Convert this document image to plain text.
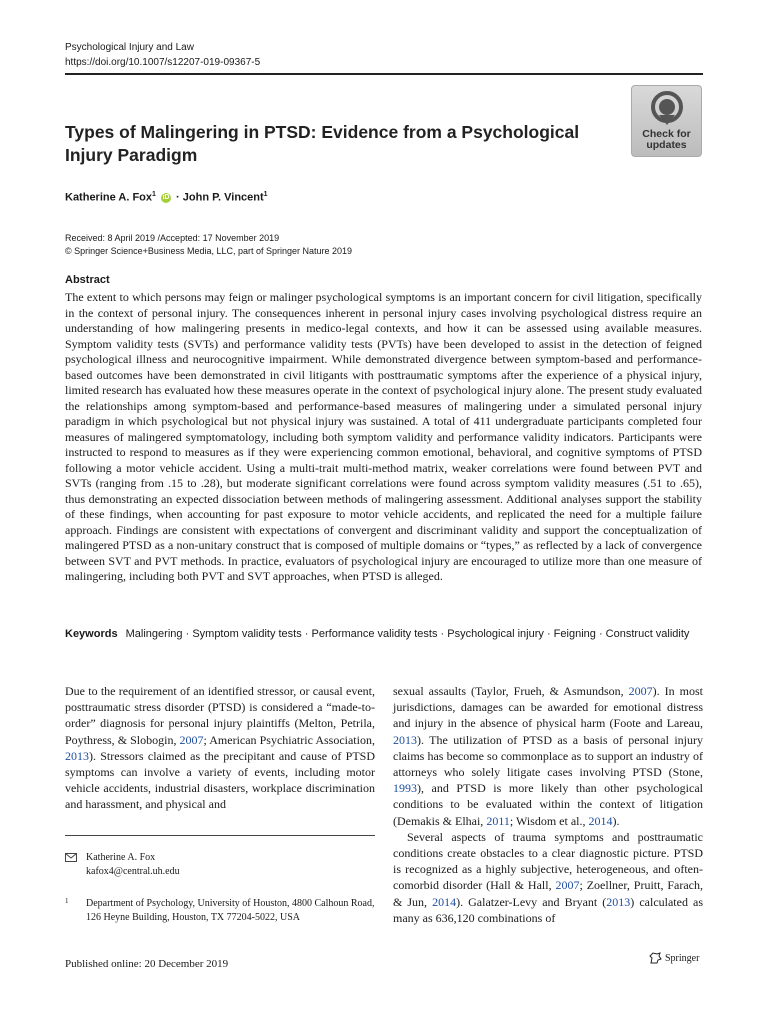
Psychological Injury and Law
https://doi.org/10.1007/s12207-019-09367-5
Types of Malingering in PTSD: Evidence from a Psychological Injury Paradigm
Check for updates
Katherine A. Fox$^1$ iD · John P. Vincent$^1$
Received: 8 April 2019 /Accepted: 17 November 2019
© Springer Science+Business Media, LLC, part of Springer Nature 2019
Abstract
The extent to which persons may feign or malinger psychological symptoms is an important concern for civil litigation, specifically in the context of personal injury. The consequences inherent in personal injury cases involving psychological distress require an understanding of how malingering presents in medico-legal contexts, and how it can be assessed using available measures. Symptom validity tests (SVTs) and performance validity tests (PVTs) have been developed to assist in the detection of feigned psychological illness and neurocognitive impairment. While demonstrated divergence between symptom-based and performance-based outcomes have been demonstrated in civil litigants with posttraumatic symptoms after the experience of a physical injury, limited research has evaluated how these measures operate in the context of psychological injury alone. The present study evaluated the relationships among symptom-based and performance-based measures of malingering under a simulated personal injury paradigm in which psychological but not physical injury was sustained. A total of 411 undergraduate participants completed four measures of malingered symptomatology, including both symptom validity and performance validity indicators. Participants were instructed to respond to measures as if they were experiencing common emotional, behavioral, and cognitive symptoms of PTSD following a motor vehicle accident. Using a multi-trait multi-method matrix, weaker correlations were found between PVT and SVTs (ranging from .15 to .28), but moderate significant correlations were found across symptom validity measures (.51 to .65), thus demonstrating an expected dissociation between methods of malingering assessment. Additional analyses support the stability of these findings, when accounting for past exposure to motor vehicle accidents, and replicated the need for a multiple failure approach. Findings are consistent with expectations of convergent and discriminant validity and support the conceptualization of malingered PTSD as a non-unitary construct that is composed of multiple domains or “types,” as reflected by a lack of convergence between SVT and PVT methods. In practice, evaluators of psychological injury are encouraged to utilize more than one measure of malingering, including both PVT and SVT approaches, when PTSD is alleged.
Keywords Malingering · Symptom validity tests · Performance validity tests · Psychological injury · Feigning · Construct validity

Due to the requirement of an identified stressor, or causal event, posttraumatic stress disorder (PTSD) is considered a “made-to-order” diagnosis for personal injury plaintiffs (Melton, Petrila, Poythress, & Slobogin, 2007; American Psychiatric Association, 2013). Stressors claimed as the precipitant and cause of PTSD symptoms can involve a variety of events, including motor vehicle accidents, industrial disasters, workplace discrimination and harassment, and physical and

sexual assaults (Taylor, Frueh, & Asmundson, 2007). In most jurisdictions, damages can be awarded for emotional distress and injury in the absence of physical harm (Foote and Lareau, 2013). The utilization of PTSD as a basis of personal injury claims has become so commonplace as to support an industry of attorneys who solely litigate cases involving PTSD (Stone, 1993), and PTSD is more likely than other psychological conditions to be evaluated within the context of litigation (Demakis & Elhai, 2011; Wisdom et al., 2014).

Several aspects of trauma symptoms and posttraumatic conditions create obstacles to a clear diagnostic picture. PTSD is recognized as a highly subjective, heterogeneous, and often-comorbid disorder (Hall & Hall, 2007; Zoellner, Pruitt, Farach, & Jun, 2014). Galatzer-Levy and Bryant (2013) calculated as many as 636,120 combinations of

Katherine A. Fox
kafox4@central.uh.edu
1 Department of Psychology, University of Houston, 4800 Calhoun Road, 126 Heyne Building, Houston, TX 77204-5022, USA
Published online: 20 December 2019	Springer
